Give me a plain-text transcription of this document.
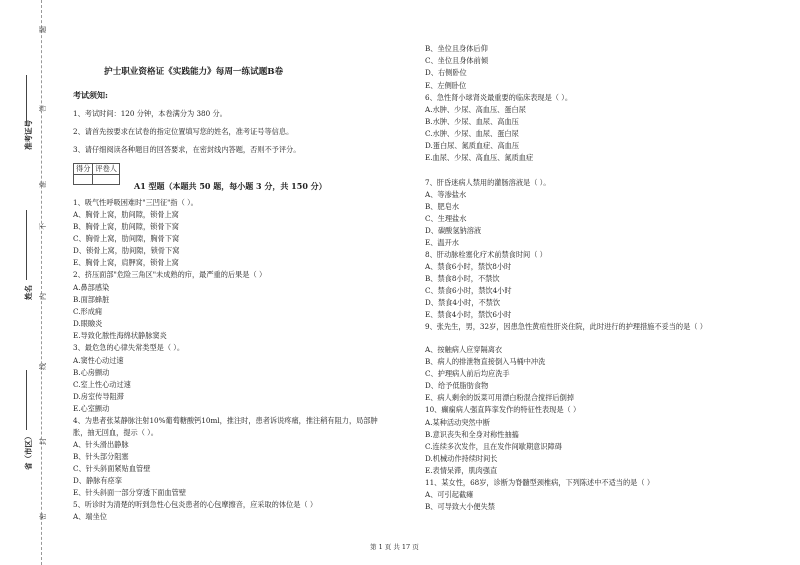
题
答
准
不
内
线
封
密
准考证号
姓名
省（市区）
护士职业资格证《实践能力》每周一练试题B卷
考试须知:
1、考试时间：120 分钟，本卷满分为 380 分。
2、请首先按要求在试卷的指定位置填写您的姓名，准考证号等信息。
3、请仔细阅读各种题目的回答要求，在密封线内答题，否则不予评分。
得分	评卷人

A1 型题（本题共 50 题，每小题 3 分，共 150 分）
1、吸气性呼吸困难时"三凹征"指（ ）。
A、胸骨上窝，肋间隙，锁骨上窝
B、胸骨上窝，肋间隙，锁骨下窝
C、胸骨上窝，肋间隙，胸骨下窝
D、锁骨上窝，肋间隙，锁骨下窝
E、胸骨上窝，肩胛窝，锁骨上窝
2、挤压面部"危险三角区"未成熟的疖，最严重的后果是（ ）
A.鼻部感染
B.面部蜂脏
C.形成痈
D.眼瞼炎
E.导致化脓性海绵状静脉窦炎
3、最危急的心律失常类型是（ ）。
A.窦性心动过速
B.心房颤动
C.室上性心动过速
D.房室传导阻滞
E.心室颤动
4、为患者张某静脉注射10%葡萄糖酸钙10ml，推注时，患者诉说疼痛，推注稍有阻力，局部肿
胀，抽无回血，提示（ ）。
A、针头滑出静脉
B、针头部分阻塞
C、针头斜面紧贴血管壁
D、静脉有痉挛
E、针头斜面一部分穿透下面血管壁
5、听诊时为清楚的听到急性心包炎患者的心包摩擦音，应采取的体位是（ ）
A、端坐位
B、坐位且身体后仰
C、坐位且身体前倾
D、右侧卧位
E、左侧卧位
6、急性肾小球肾炎最重要的临床表现是（ ）。
A.水肿、少尿、高血压、蛋白尿
B.水肿、少尿、血尿、高血压
C.水肿、少尿、血尿、蛋白尿
D.蛋白尿、氮质血症、高血压
E.血尿、少尿、高血压、氮质血症
7、肝昏迷病人禁用的灌肠溶液是（ ）。
A、等渗盐水
B、肥皂水
C、生理盐水
D、碳酸氢钠溶液
E、温开水
8、肝动脉栓塞化疗术前禁食时间（ ）
A、禁食6小时，禁饮8小时
B、禁食8小时，不禁饮
C、禁食6小时，禁饮4小时
D、禁食4小时，不禁饮
E、禁食4小时，禁饮6小时
9、张先生，男，32岁，因患急性黄疸性肝炎住院，此时进行的护理措施不妥当的是（ ）
A、按触病人应穿隔离衣
B、病人的排泄物直接倒入马桶中冲洗
C、护理病人前后均应洗手
D、给予低脂肪食物
E、病人剩余的饭菜可用漂白粉混合搅拌后倒掉
10、癫痫病人强直阵挛发作的特征性表现是（ ）
A.某种活动突然中断
B.意识丧失和全身对称性抽搐
C.连续多次发作，且在发作间歇期意识障碍
D.机械动作持续时间长
E.表情呆滞，肌肉强直
11、某女性，68岁，诊断为脊髓型颈椎病，下列陈述中不适当的是（ ）
A、可引起截瘫
B、可导致大小便失禁
第 1 页 共 17 页
